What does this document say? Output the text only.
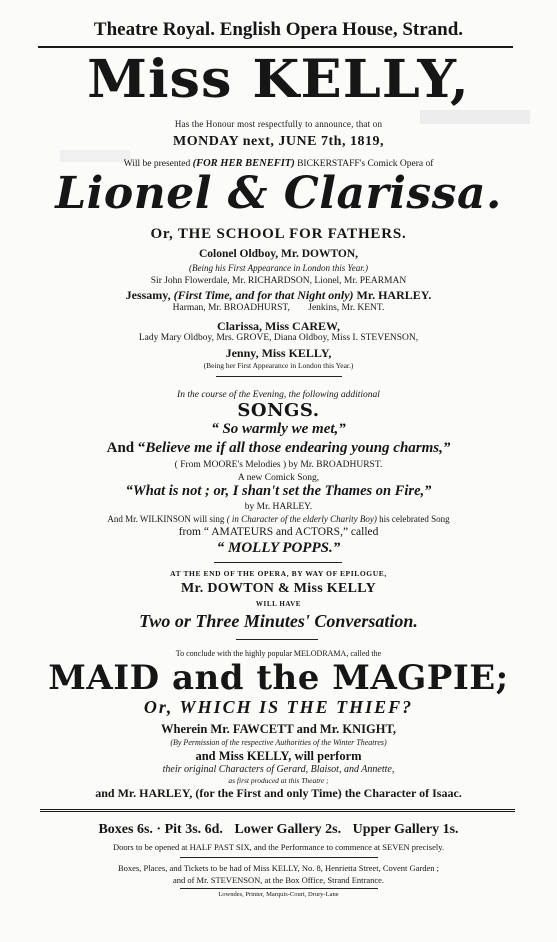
Theatre Royal. English Opera House, Strand.
Miss KELLY,
Has the Honour most respectfully to announce, that on
MONDAY next, JUNE 7th, 1819,
Will be presented (FOR HER BENEFIT) BICKERSTAFF's Comick Opera of
Lionel & Clarissa.
Or, THE SCHOOL FOR FATHERS.
Colonel Oldboy, Mr. DOWTON,
(Being his First Appearance in London this Year.)
Sir John Flowerdale, Mr. RICHARDSON, Lionel, Mr. PEARMAN
Jessamy, (First Time, and for that Night only) Mr. HARLEY.
Harman, Mr. BROADHURST, Jenkins, Mr. KENT.
Clarissa, Miss CAREW,
Lady Mary Oldboy, Mrs. GROVE, Diana Oldboy, Miss I. STEVENSON,
Jenny, Miss KELLY,
(Being her First Appearance in London this Year.)
In the course of the Evening, the following additional
SONGS.
“ So warmly we met,”
And “Believe me if all those endearing young charms,”
( From MOORE's Melodies ) by Mr. BROADHURST.
A new Comick Song,
“What is not ; or, I shan't set the Thames on Fire,”
by Mr. HARLEY.
And Mr. WILKINSON will sing ( in Character of the elderly Charity Boy) his celebrated Song
from “ AMATEURS and ACTORS,” called
“ MOLLY POPPS.”
AT THE END OF THE OPERA, BY WAY OF EPILOGUE,
Mr. DOWTON & Miss KELLY
WILL HAVE
Two or Three Minutes' Conversation.
To conclude with the highly popular MELODRAMA, called the
MAID and the MAGPIE;
Or, WHICH IS THE THIEF?
Wherein Mr. FAWCETT and Mr. KNIGHT,
(By Permission of the respective Authorities of the Winter Theatres)
and Miss KELLY, will perform
their original Characters of Gerard, Blaisot, and Annette,
as first produced at this Theatre ;
and Mr. HARLEY, (for the First and only Time) the Character of Isaac.
Boxes 6s. · Pit 3s. 6d. Lower Gallery 2s. Upper Gallery 1s.
Doors to be opened at HALF PAST SIX, and the Performance to commence at SEVEN precisely.
Boxes, Places, and Tickets to be had of Miss KELLY, No. 8, Henrietta Street, Covent Garden ;
and of Mr. STEVENSON, at the Box Office, Strand Entrance.
Lowndes, Printer, Marquis-Court, Drury-Lane
